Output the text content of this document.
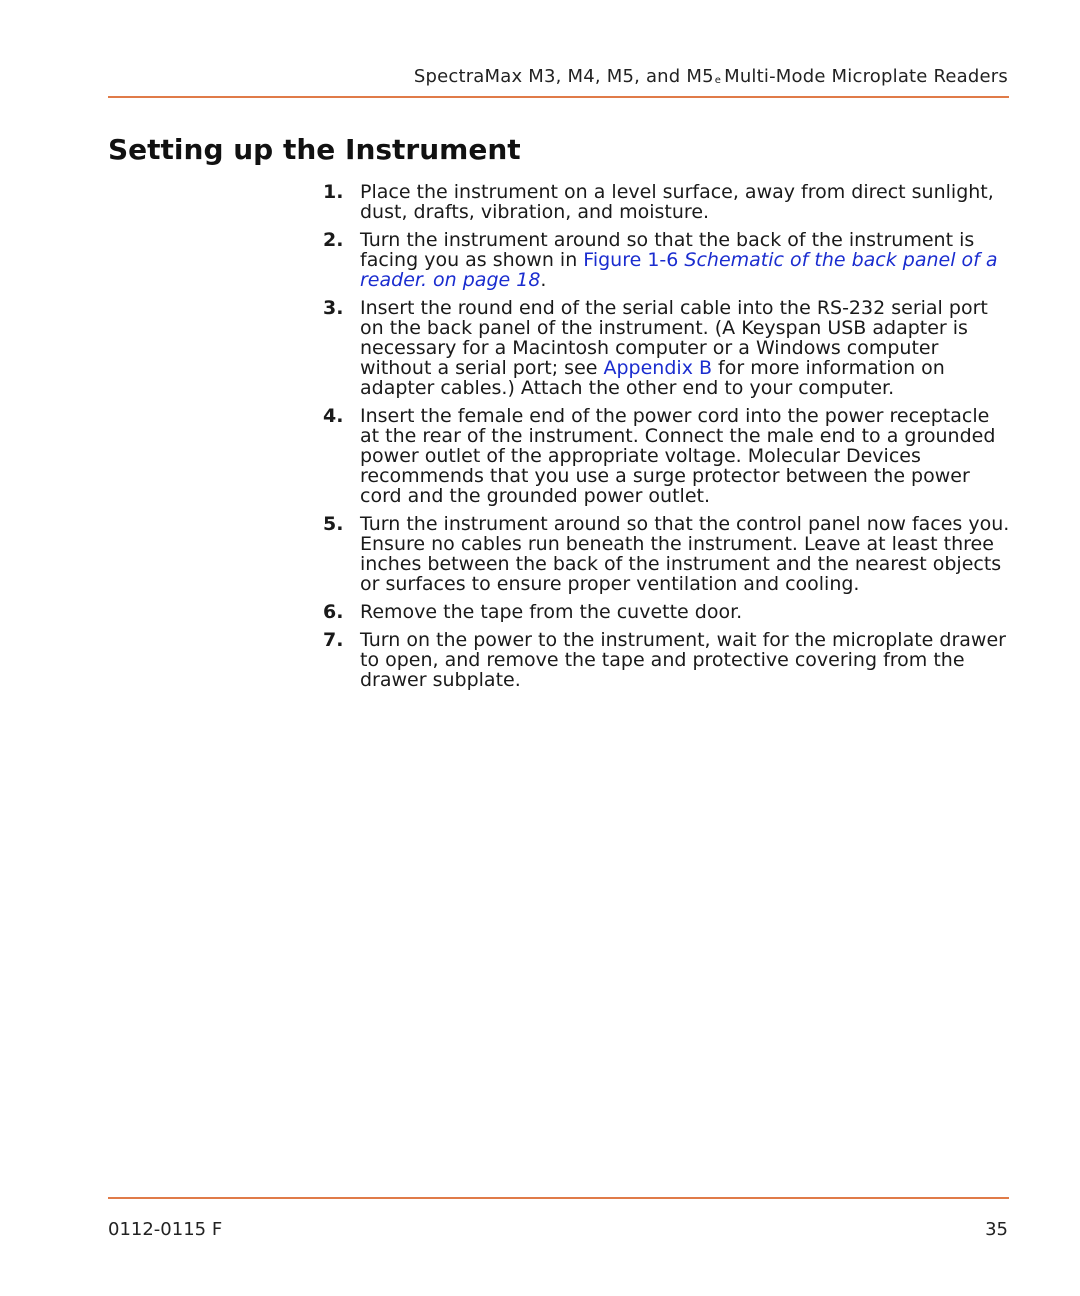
SpectraMax M3, M4, M5, and M5e Multi-Mode Microplate Readers
Setting up the Instrument
1. Place the instrument on a level surface, away from direct sunlight, dust, drafts, vibration, and moisture.
2. Turn the instrument around so that the back of the instrument is facing you as shown in Figure 1-6 Schematic of the back panel of a reader. on page 18.
3. Insert the round end of the serial cable into the RS-232 serial port on the back panel of the instrument. (A Keyspan USB adapter is necessary for a Macintosh computer or a Windows computer without a serial port; see Appendix B for more information on adapter cables.) Attach the other end to your computer.
4. Insert the female end of the power cord into the power receptacle at the rear of the instrument. Connect the male end to a grounded power outlet of the appropriate voltage. Molecular Devices recommends that you use a surge protector between the power cord and the grounded power outlet.
5. Turn the instrument around so that the control panel now faces you. Ensure no cables run beneath the instrument. Leave at least three inches between the back of the instrument and the nearest objects or surfaces to ensure proper ventilation and cooling.
6. Remove the tape from the cuvette door.
7. Turn on the power to the instrument, wait for the microplate drawer to open, and remove the tape and protective covering from the drawer subplate.
0112-0115 F	35
